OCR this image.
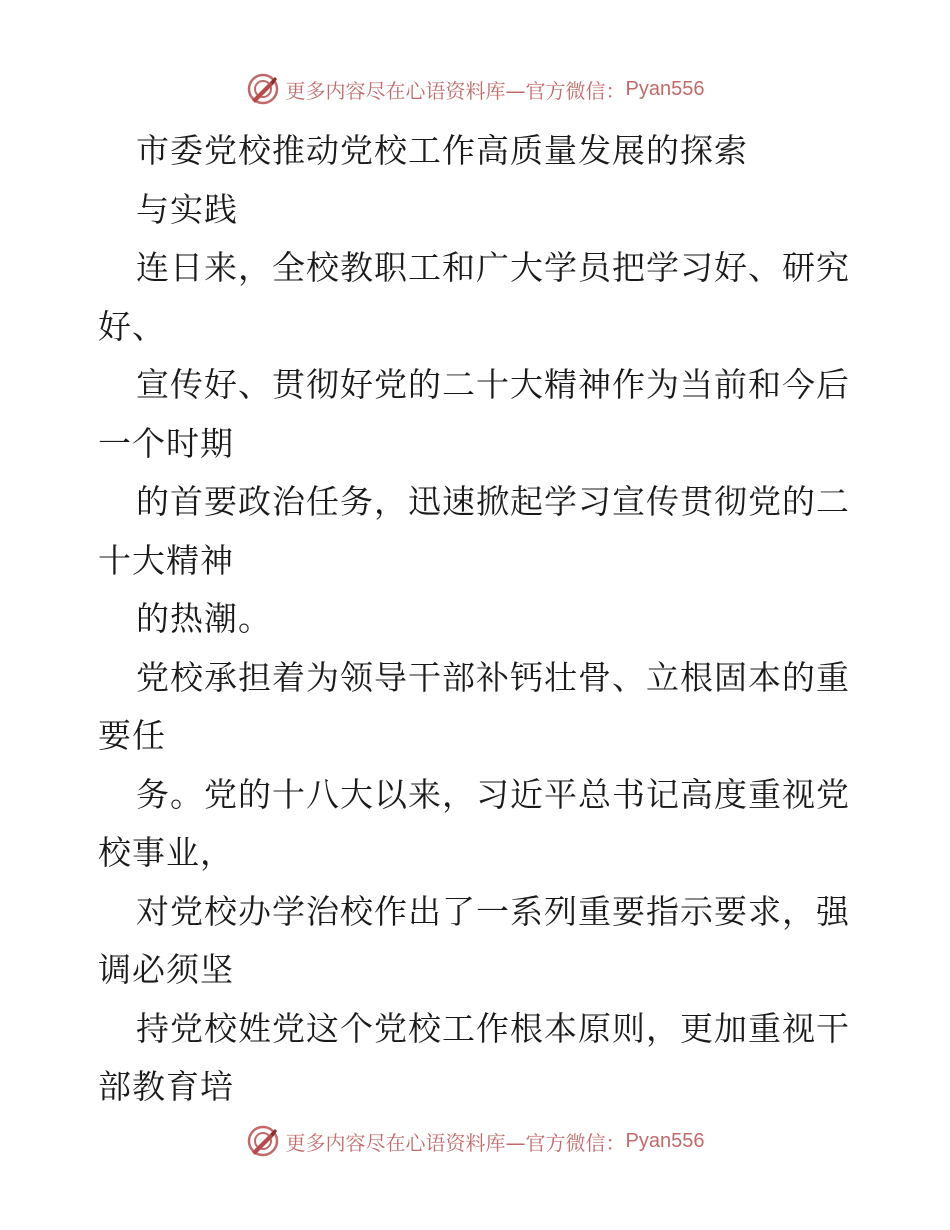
更多内容尽在心语资料库—官方微信： Pyan556
市委党校推动党校工作高质量发展的探索
与实践
连日来，全校教职工和广大学员把学习好、研究
好、
宣传好、贯彻好党的二十大精神作为当前和今后
一个时期
的首要政治任务，迅速掀起学习宣传贯彻党的二
十大精神
的热潮。
党校承担着为领导干部补钙壮骨、立根固本的重
要任
务。党的十八大以来，习近平总书记高度重视党
校事业，
对党校办学治校作出了一系列重要指示要求，强
调必须坚
持党校姓党这个党校工作根本原则，更加重视干
部教育培
更多内容尽在心语资料库—官方微信： Pyan556
